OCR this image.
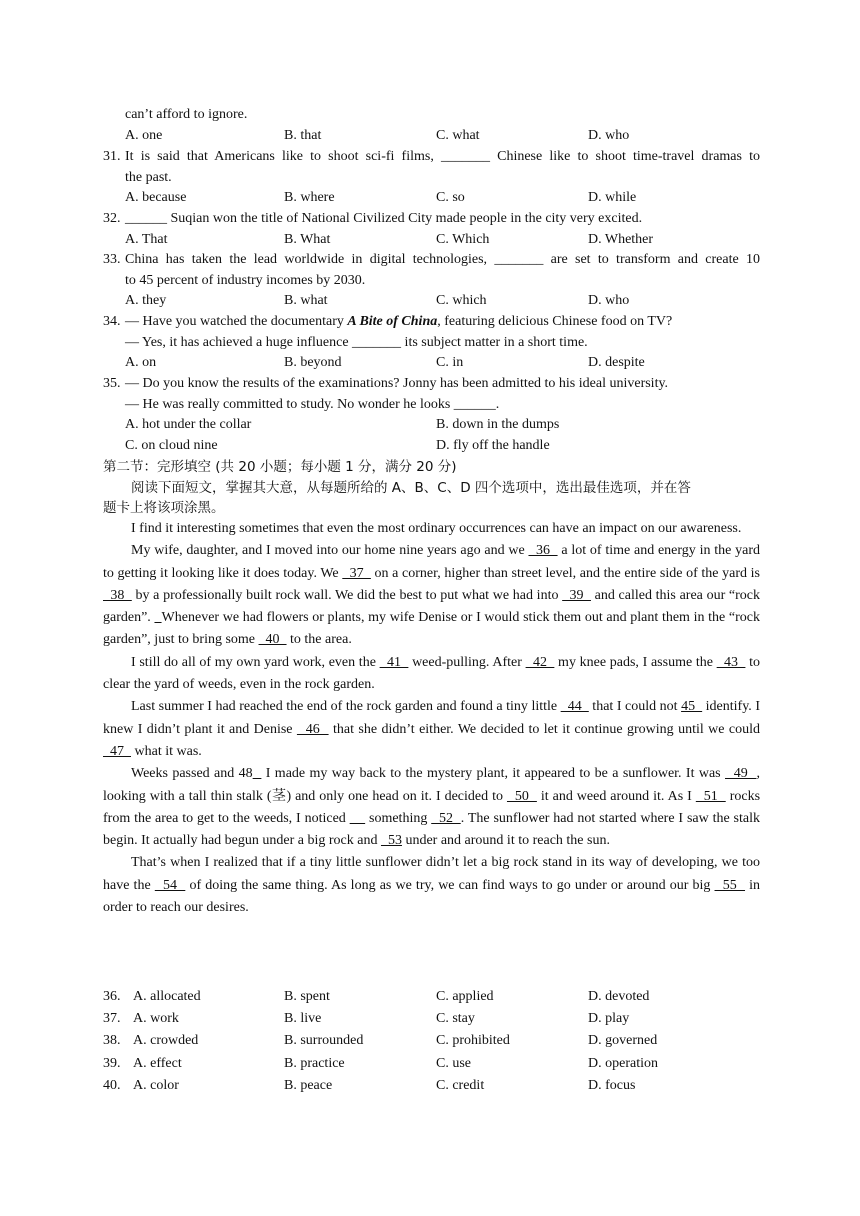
can’t afford to ignore.
A. one	B. that	C. what	D. who
31. It is said that Americans like to shoot sci-fi films, _______ Chinese like to shoot time-travel dramas to
the past.
A. because	B. where	C. so	D. while
32. ______ Suqian won the title of National Civilized City made people in the city very excited.
A. That	B. What	C. Which	D. Whether
33. China has taken the lead worldwide in digital technologies, _______ are set to transform and create 10
to 45 percent of industry incomes by 2030.
A. they	B. what	C. which	D. who
34. — Have you watched the documentary A Bite of China, featuring delicious Chinese food on TV?
— Yes, it has achieved a huge influence _______ its subject matter in a short time.
A. on	B. beyond	C. in	D. despite
35. — Do you know the results of the examinations? Jonny has been admitted to his ideal university.
— He was really committed to study. No wonder he looks ______.
A. hot under the collar	B. down in the dumps
C. on cloud nine	D. fly off the handle
第二节：完形填空 (共 20 小题；每小题 1 分，满分 20 分)
阅读下面短文，掌握其大意，从每题所给的 A、B、C、D 四个选项中，选出最佳选项，并在答
题卡上将该项涂黑。

I find it interesting sometimes that even the most ordinary occurrences can have an impact on our awareness.

My wife, daughter, and I moved into our home nine years ago and we   36   a lot of time and energy in the yard to getting it looking like it does today. We   37   on a corner, higher than street level, and the entire side of the yard is   38   by a professionally built rock wall. We did the best to put what we had into   39   and called this area our “rock garden”.   Whenever we had flowers or plants, my wife Denise or I would stick them out and plant them in the “rock garden”, just to bring some   40   to the area.

I still do all of my own yard work, even the   41   weed-pulling. After   42   my knee pads, I assume the   43   to clear the yard of weeds, even in the rock garden.

Last summer I had reached the end of the rock garden and found a tiny little   44   that I could not 45   identify. I knew I didn’t plant it and Denise   46   that she didn’t either. We decided to let it continue growing until we could   47   what it was.

Weeks passed and 48   I made my way back to the mystery plant, it appeared to be a sunflower. It was   49  , looking with a tall thin stalk (茎) and only one head on it. I decided to   50   it and weed around it. As I   51   rocks from the area to get to the weeds, I noticed      something   52  . The sunflower had not started where I saw the stalk begin. It actually had begun under a big rock and   53 under and around it to reach the sun.

That’s when I realized that if a tiny little sunflower didn’t let a big rock stand in its way of developing, we too have the   54   of doing the same thing. As long as we try, we can find ways to go under or around our big   55   in order to reach our desires.

36. A. allocated	B. spent	C. applied	D. devoted
37. A. work	B. live	C. stay	D. play
38. A. crowded	B. surrounded	C. prohibited	D. governed
39. A. effect	B. practice	C. use	D. operation
40. A. color	B. peace	C. credit	D. focus
